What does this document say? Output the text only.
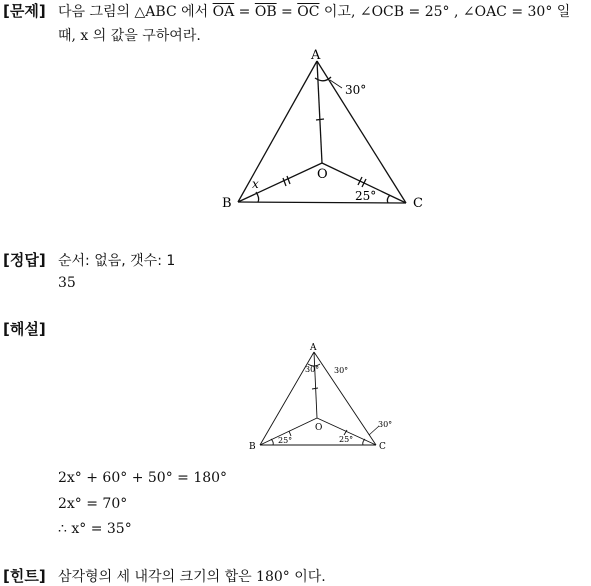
[문제] 다음 그림의 △ABC 에서 $\overline{OA} = \overline{OB} = \overline{OC}$ 이고, ∠OCB = 25° , ∠OAC = 30° 일
때, x 의 값을 구하여라.
A
B	C
O
30°
25°
x
[정답] 순서: 없음, 갯수: 1
35
[해설]
A
B	C
O
30° 30°
30°
25°	25°
2x° + 60° + 50° = 180°
2x° = 70°
∴ x° = 35°
[힌트] 삼각형의 세 내각의 크기의 합은 180° 이다.
